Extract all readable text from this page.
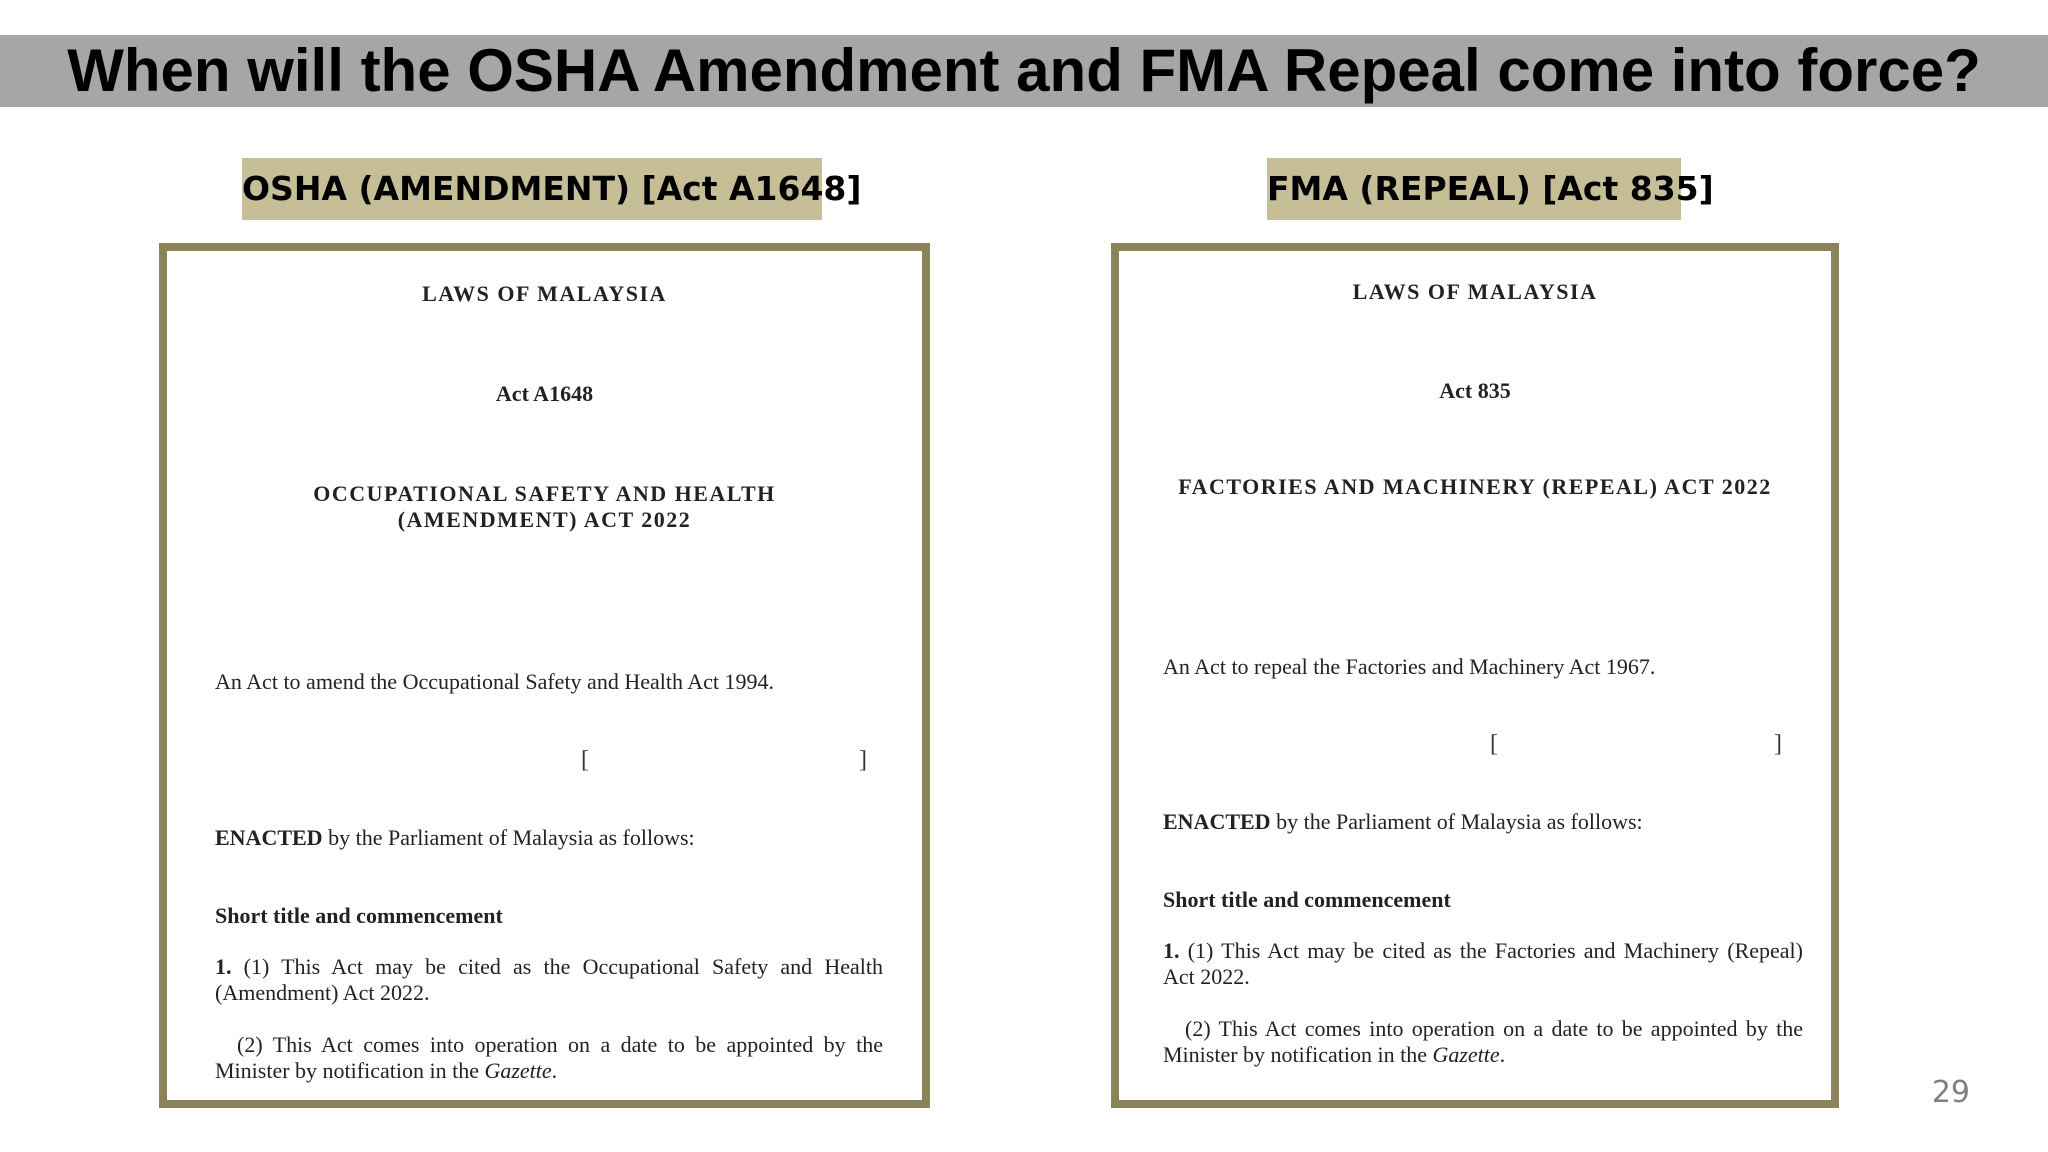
When will the OSHA Amendment and FMA Repeal come into force?
OSHA (AMENDMENT) [Act A1648]	FMA (REPEAL) [Act 835]
LAWS OF MALAYSIA
Act A1648
OCCUPATIONAL SAFETY AND HEALTH
(AMENDMENT) ACT 2022
An Act to amend the Occupational Safety and Health Act 1994.
[	]
ENACTED by the Parliament of Malaysia as follows:
Short title and commencement

1. (1) This Act may be cited as the Occupational Safety and Health (Amendment) Act 2022.

(2) This Act comes into operation on a date to be appointed by the Minister by notification in the Gazette.

LAWS OF MALAYSIA
Act 835
FACTORIES AND MACHINERY (REPEAL) ACT 2022
An Act to repeal the Factories and Machinery Act 1967.
[	]
ENACTED by the Parliament of Malaysia as follows:
Short title and commencement

1. (1) This Act may be cited as the Factories and Machinery (Repeal) Act 2022.

(2) This Act comes into operation on a date to be appointed by the Minister by notification in the Gazette.

29
